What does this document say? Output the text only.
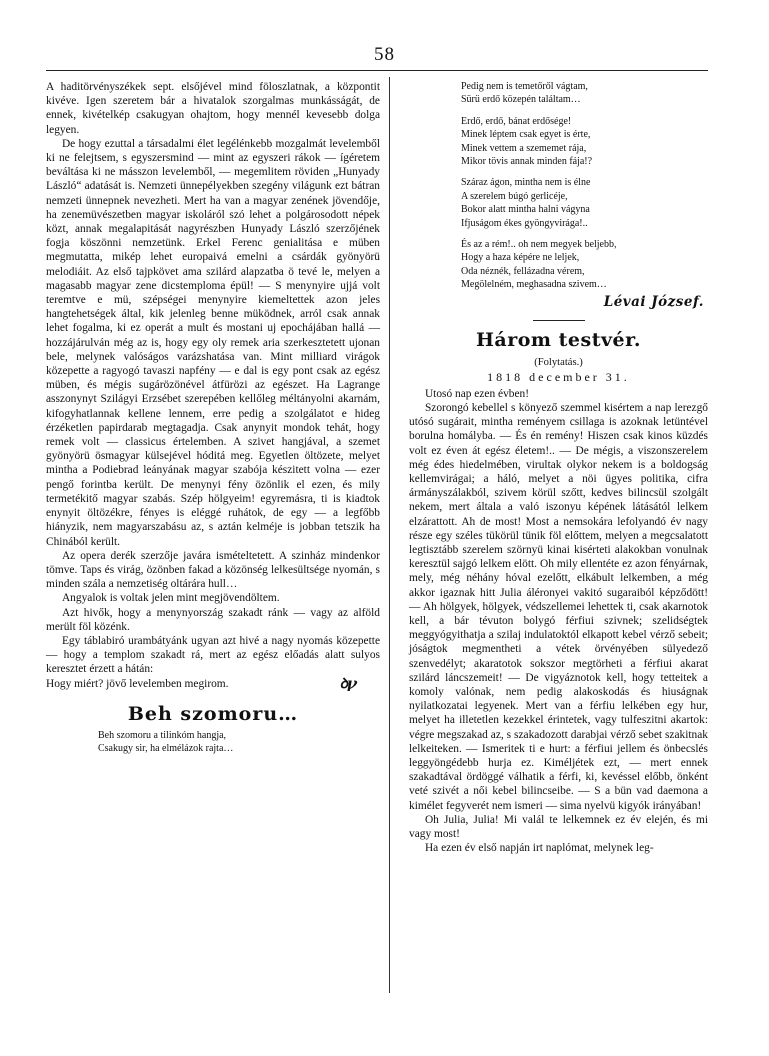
58

A haditörvényszékek sept. elsőjével mind föloszlatnak, a központit kivéve. Igen szeretem bár a hivatalok szorgalmas munkásságát, de ennek, kivételkép csakugyan ohajtom, hogy mennél kevesebb dolga legyen.

De hogy ezuttal a társadalmi élet legélénkebb mozgalmát levelemből ki ne felejtsem, s egyszersmind — mint az egyszeri rákok — ígéretem beváltása ki ne másszon levelemből, — megemlitem röviden „Hunyady László“ adatását is. Nemzeti ünnepélyekben szegény világunk ezt bátran nemzeti ünnepnek nevezheti. Mert ha van a magyar zenének jövendője, ha zenemüvészetben magyar iskoláról szó lehet a polgárosodott népek közt, annak megalapitását nagyrészben Hunyady László szerzőjének fogja köszönni nemzetünk. Erkel Ferenc genialitása e müben megmutatta, mikép lehet europaivá emelni a csárdák gyönyörü melodiáit. Az első tajpkövet ama szilárd alapzatba ö tevé le, melyen a magasabb magyar zene dicstemploma épül! — S menynyire ujjá volt teremtve e mü, szépségei menynyire kiemeltettek azon jeles hangtehetségek által, kik jelenleg benne müködnek, arról csak annak lehet fogalma, ki ez operát a mult és mostani uj epochájában hallá — hozzájárulván még az is, hogy egy oly remek aria szerkesztetett ujonan bele, melynek valóságos varázshatása van. Mint milliard virágok közepette a ragyogó tavaszi napfény — e dal is egy pont csak az egész müben, és mégis sugárözönével átfürözi az egészet. Ha Lagrange asszonynyt Szilágyi Erzsébet szerepében kellőleg méltányolni akarnám, kifogyhatlannak kellene lennem, erre pedig a szolgálatot e hideg érzéketlen papirdarab megtagadja. Csak anynyit mondok tehát, hogy remek volt — classicus értelemben. A szivet hangjával, a szemet gyönyörü ösmagyar külsejével hóditá meg. Egyetlen öltözete, melyet mintha a Podiebrad leányának magyar szabója készitett volna — ezer pengő forintba került. De menynyi fény özönlik el ezen, és mily termetékitő magyar szabás. Szép hölgyeim! egyremásra, ti is kiadtok enynyit öltözékre, fényes is eléggé ruhátok, de egy — a legfőbb hiányzik, nem magyarszabásu az, s aztán kelméje is jobban tetszik ha Chinából került.

Az opera derék szerzője javára ismételtetett. A szinház mindenkor tömve. Taps és virág, özönben fakad a közönség lelkesültsége nyomán, s minden szála a nemzetiség oltárára hull…

Angyalok is voltak jelen mint megjövendöltem.

Azt hivők, hogy a menynyország szakadt ránk — vagy az alföld merült föl közénk.

Egy táblabiró urambátyánk ugyan azt hivé a nagy nyomás közepette — hogy a templom szakadt rá, mert az egész előadás alatt sulyos keresztet érzett a hátán:

Hogy miért? jövő levelemben megirom.	ꝺꝩ
Beh szomoru…

Beh szomoru a tilinkóm hangja,

Csakugy sir, ha elmélázok rajta…

Pedig nem is temetőről vágtam,

Sürü erdő közepén találtam…

Erdő, erdő, bánat erdősége!

Minek léptem csak egyet is érte,

Minek vettem a szememet rája,

Mikor tövis annak minden fája!?

Száraz ágon, mintha nem is élne

A szerelem búgó gerlicéje,

Bokor alatt mintha halni vágyna

Ifjuságom ékes gyöngyvirága!..

És az a rém!.. oh nem megyek beljebb,

Hogy a haza képére ne leljek,

Oda néznék, fellázadna vérem,

Megölelném, meghasadna szivem…

Lévai József.
Három testvér.
(Folytatás.)
1818 december 31.

Utosó nap ezen évben!

Szorongó kebellel s könyező szemmel kisértem a nap lerezgő utósó sugárait, mintha reményem csillaga is azoknak letüntével borulna homályba. — És én remény! Hiszen csak kinos küzdés volt ez éven át egész életem!.. — De mégis, a viszonszerelem még édes hiedelmében, virultak olykor nekem is a boldogság kellemvirágai; a háló, melyet a nöi ügyes politika, cifra ármányszálakból, szivem körül szőtt, kedves bilincsül szolgált nekem, mert általa a való iszonyu képének látásától lelkem elzárattott. Ah de most! Most a nemsokára lefolyandó év nagy része egy széles tükörül tünik föl előttem, melyen a megcsalatott legtisztább szerelem szörnyü kinai kisérteti alakokban vonulnak keresztül sajgó lelkem elött. Oh mily ellentéte ez azon fényárnak, mely, még néhány hóval ezelőtt, elkábult lelkemben, a még akkor igaznak hitt Julia áléronyei vakitó sugaraiból képződött! — Ah hölgyek, hölgyek, védszellemei lehettek ti, csak akarnotok kell, a bár tévuton bolygó férfiui szivnek; szelidségtek meggyógyithatja a szilaj indulatoktól elkapott kebel vérző sebeit; jóságtok megmentheti a vétek örvényében sülyedező szenvedélyt; akaratotok sokszor megtörheti a férfiui akarat szilárd láncszemeit! — De vigyáznotok kell, hogy tetteitek a komoly valónak, nem pedig alakoskodás és hiuságnak nyilatkozatai legyenek. Mert van a férfiu lelkében egy hur, melyet ha illetetlen kezekkel érintetek, vagy tulfeszitni akartok: végre megszakad az, s szakadozott darabjai vérző sebet szakitnak lelkeiteken. — Ismeritek ti e hurt: a férfiui jellem és önbecslés leggyöngédebb hurja ez. Kiméljétek ezt, — mert ennek szakadtával ördöggé válhatik a férfi, ki, kevéssel előbb, önként veté szivét a női kebel bilincseibe. — S a bün vad daemona a kimélet fegyverét nem ismeri — sima nyelvü kigyók irányában!

Oh Julia, Julia! Mi valál te lelkemnek ez év elején, és mi vagy most!

Ha ezen év első napján irt naplómat, melynek leg-
